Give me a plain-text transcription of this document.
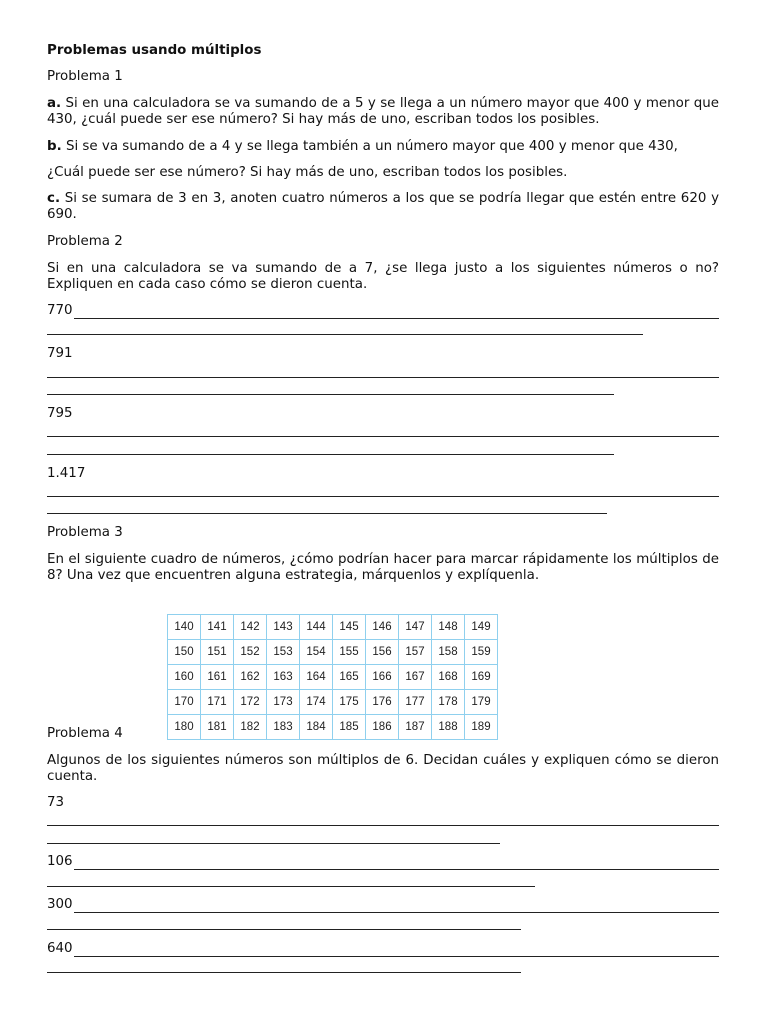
Problemas usando múltiplos

Problema 1

a. Si en una calculadora se va sumando de a 5 y se llega a un número mayor que 400 y menor que 430, ¿cuál puede ser ese número? Si hay más de uno, escriban todos los posibles.

b. Si se va sumando de a 4 y se llega también a un número mayor que 400 y menor que 430,

¿Cuál puede ser ese número? Si hay más de uno, escriban todos los posibles.

c. Si se sumara de 3 en 3, anoten cuatro números a los que se podría llegar que estén entre 620 y 690.

Problema 2

Si en una calculadora se va sumando de a 7, ¿se llega justo a los siguientes números o no? Expliquen en cada caso cómo se dieron cuenta.

770
791
795
1.417

Problema 3

En el siguiente cuadro de números, ¿cómo podrían hacer para marcar rápidamente los múltiplos de 8? Una vez que encuentren alguna estrategia, márquenlos y explíquenla.

140	141	142	143	144	145	146	147	148	149
150	151	152	153	154	155	156	157	158	159
160	161	162	163	164	165	166	167	168	169
170	171	172	173	174	175	176	177	178	179
180	181	182	183	184	185	186	187	188	189

Problema 4

Algunos de los siguientes números son múltiplos de 6. Decidan cuáles y expliquen cómo se dieron cuenta.

73
106
300
640
